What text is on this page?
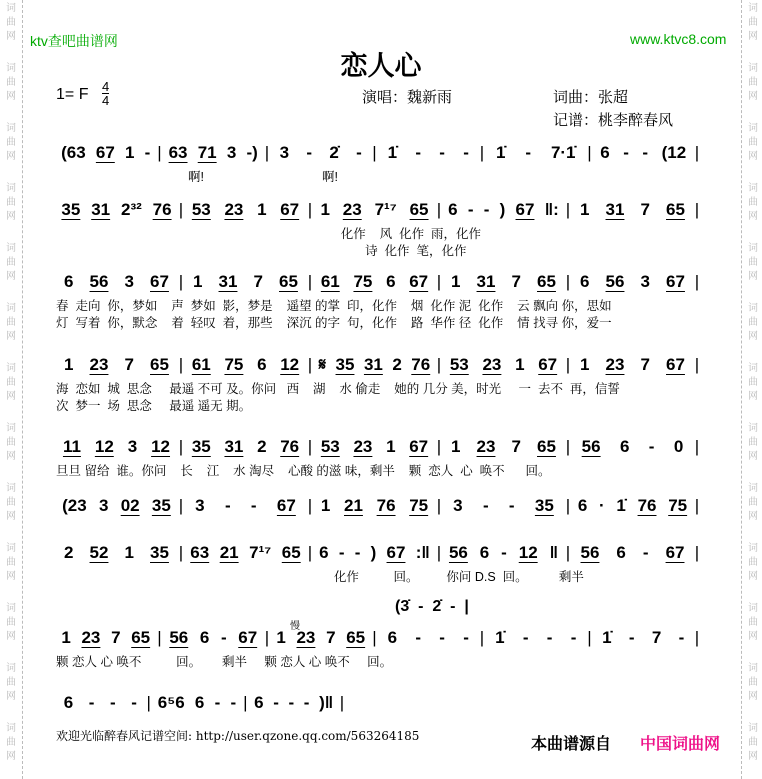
词
曲
网
词
曲
网
词
曲
网
词
曲
网
词
曲
网
词
曲
网
词
曲
网
词
曲
网
词
曲
网
词
曲
网
词
曲
网
词
曲
网
词
曲
网
词
曲
网
词
曲
网
词
曲
网
词
曲
网
词
曲
网
词
曲
网
词
曲
网
词
曲
网
词
曲
网
词
曲
网
词
曲
网
词
曲
网
词
曲
网
ktv查吧曲谱网	www.ktvc8.com
恋人心
1= F 4
4	演唱：魏新雨	词曲：张超
记谱：桃李醉春风
(63 67 1 - | 63 71 3 -) | 3 - 2̇ - | 1̇ - - - | 1̇ - 7·1̇ | 6 - - (12 |
啊!                                  啊!
35 31 2³² 76 | 53 23 1 67 | 1 23 7¹⁷ 65 | 6 - - ) 67 ‖: | 1 31 7 65 |
化作    风  化作  雨，化作
诗  化作  笔，化作
6 56 3 67 | 1 31 7 65 | 61 75 6 67 | 1 31 7 65 | 6 56 3 67 |
春  走向  你，梦如    声  梦如  影，梦是    遥望 的掌  印，化作    烟  化作 泥  化作    云 飘向 你，思如
灯  写着  你，默念    着  轻叹  着，那些    深沉 的字  句，化作    路  华作 径  化作    情 找寻 你，爱一
1 23 7 65 | 61 75 6 12 | 𝄋 35 31 2 76 | 53 23 1 67 | 1 23 7 67 |
海  恋如  城  思念     最遥 不可 及。你问   西    湖    水 偷走    她的 几分 美，时光     一  去不  再，信誓
次  梦一  场  思念     最遥 遥无 期。
11 12 3 12 | 35 31 2 76 | 53 23 1 67 | 1 23 7 65 | 56 6 - 0 |
旦旦 留给  谁。你问    长    江    水 淘尽    心酸 的滋 味，剩半    颗  恋人  心  唤不      回。
(23 3 02 35 | 3 - - 67 | 1 21 76 75 | 3 - - 35 | 6 · 1̇ 76 75 |
2 52 1 35 | 63 21 7¹⁷ 65 | 6 - - ) 67 :‖ | 56 6 - 12 ‖ | 56 6 - 67 |
化作          回。        你问 D.S  回。         剩半
1 23 7 65 | 56 6 - 67 | 1 23 7 65 | 6 - - - | 1̇ - - - | 1̇ - 7 - |
颗 恋人 心 唤不          回。      剩半     颗 恋人 心 唤不     回。
(3̇  -  2̇  -  |
慢
6 - - - | 6⁵6 6 - - | 6 - - - )‖ |
欢迎光临醉春风记谱空间: http://user.qzone.qq.com/563264185	本曲谱源自 中国词曲网
